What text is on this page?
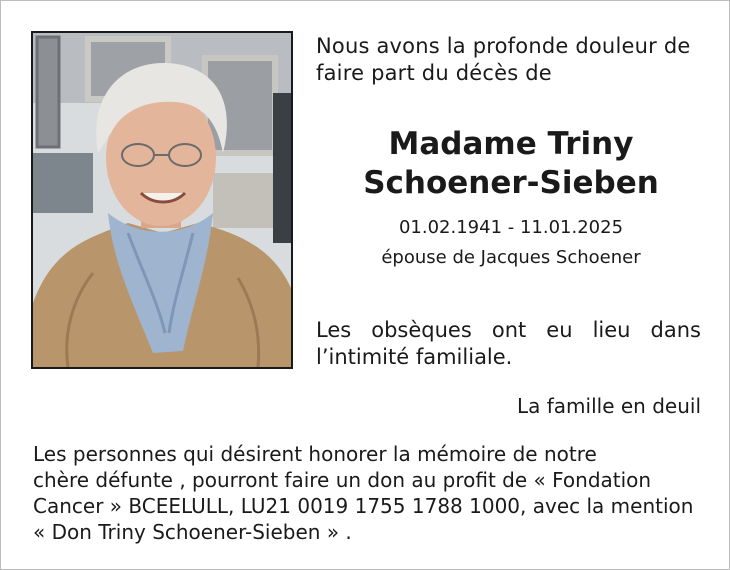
Nous avons la profonde douleur de
faire part du décès de

Madame Triny
Schoener-Sieben

01.02.1941 - 11.01.2025

épouse de Jacques Schoener

Les obsèques ont eu lieu dans l’intimité familiale.

La famille en deuil

Les personnes qui désirent honorer la mémoire de notre
chère défunte , pourront faire un don au profit de « Fondation
Cancer » BCEELULL, LU21 0019 1755 1788 1000, avec la mention
« Don Triny Schoener-Sieben » .
